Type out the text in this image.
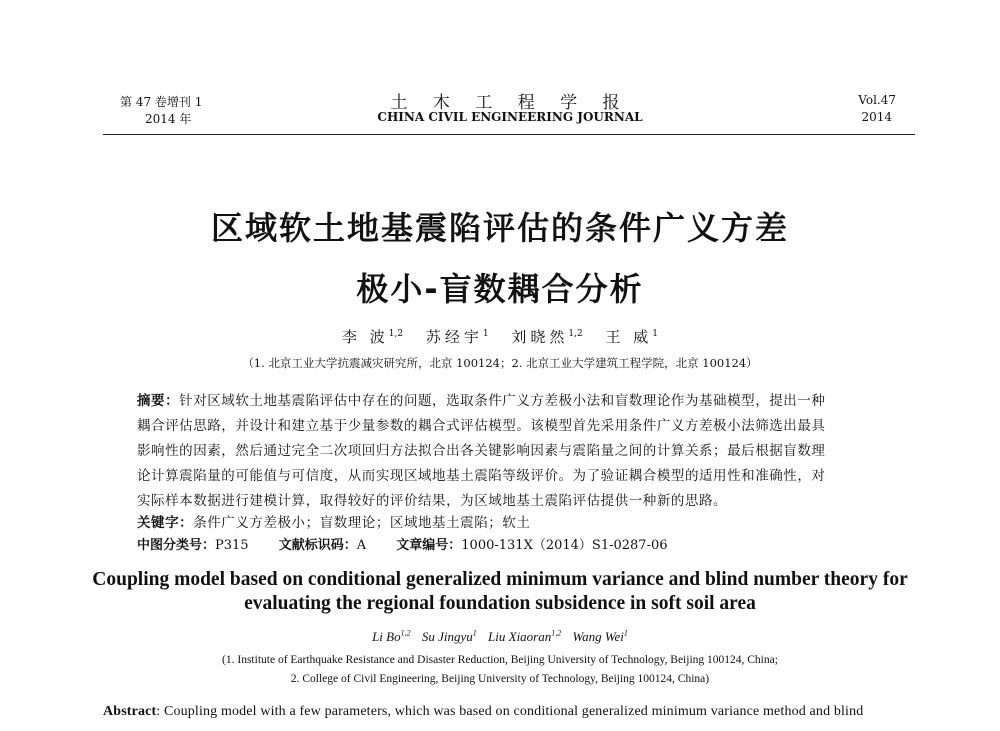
第 47 卷增刊 1
2014 年
土 木 工 程 学 报
CHINA CIVIL ENGINEERING JOURNAL
Vol.47
2014
区域软土地基震陷评估的条件广义方差
极小-盲数耦合分析
李 波$^{1,2}$ 苏经宇$^1$ 刘晓然$^{1,2}$ 王 威$^1$
（1. 北京工业大学抗震减灾研究所，北京 100124；2. 北京工业大学建筑工程学院，北京 100124）
摘要：针对区域软土地基震陷评估中存在的问题，选取条件广义方差极小法和盲数理论作为基础模型，提出一种
耦合评估思路，并设计和建立基于少量参数的耦合式评估模型。该模型首先采用条件广义方差极小法筛选出最具
影响性的因素，然后通过完全二次项回归方法拟合出各关键影响因素与震陷量之间的计算关系；最后根据盲数理
论计算震陷量的可能值与可信度，从而实现区域地基土震陷等级评价。为了验证耦合模型的适用性和准确性，对
实际样本数据进行建模计算，取得较好的评价结果，为区域地基土震陷评估提供一种新的思路。
关键字：条件广义方差极小；盲数理论；区域地基土震陷；软土
中图分类号：P315 文献标识码：A 文章编号：1000-131X（2014）S1-0287-06
Coupling model based on conditional generalized minimum variance and blind number theory for
evaluating the regional foundation subsidence in soft soil area
Li Bo$^{1,2}$ Su Jingyu$^1$ Liu Xiaoran$^{1,2}$ Wang Wei$^1$
(1. Institute of Earthquake Resistance and Disaster Reduction, Beijing University of Technology, Beijing 100124, China;
2. College of Civil Engineering, Beijing University of Technology, Beijing 100124, China)
Abstract: Coupling model with a few parameters, which was based on conditional generalized minimum variance method and blind
